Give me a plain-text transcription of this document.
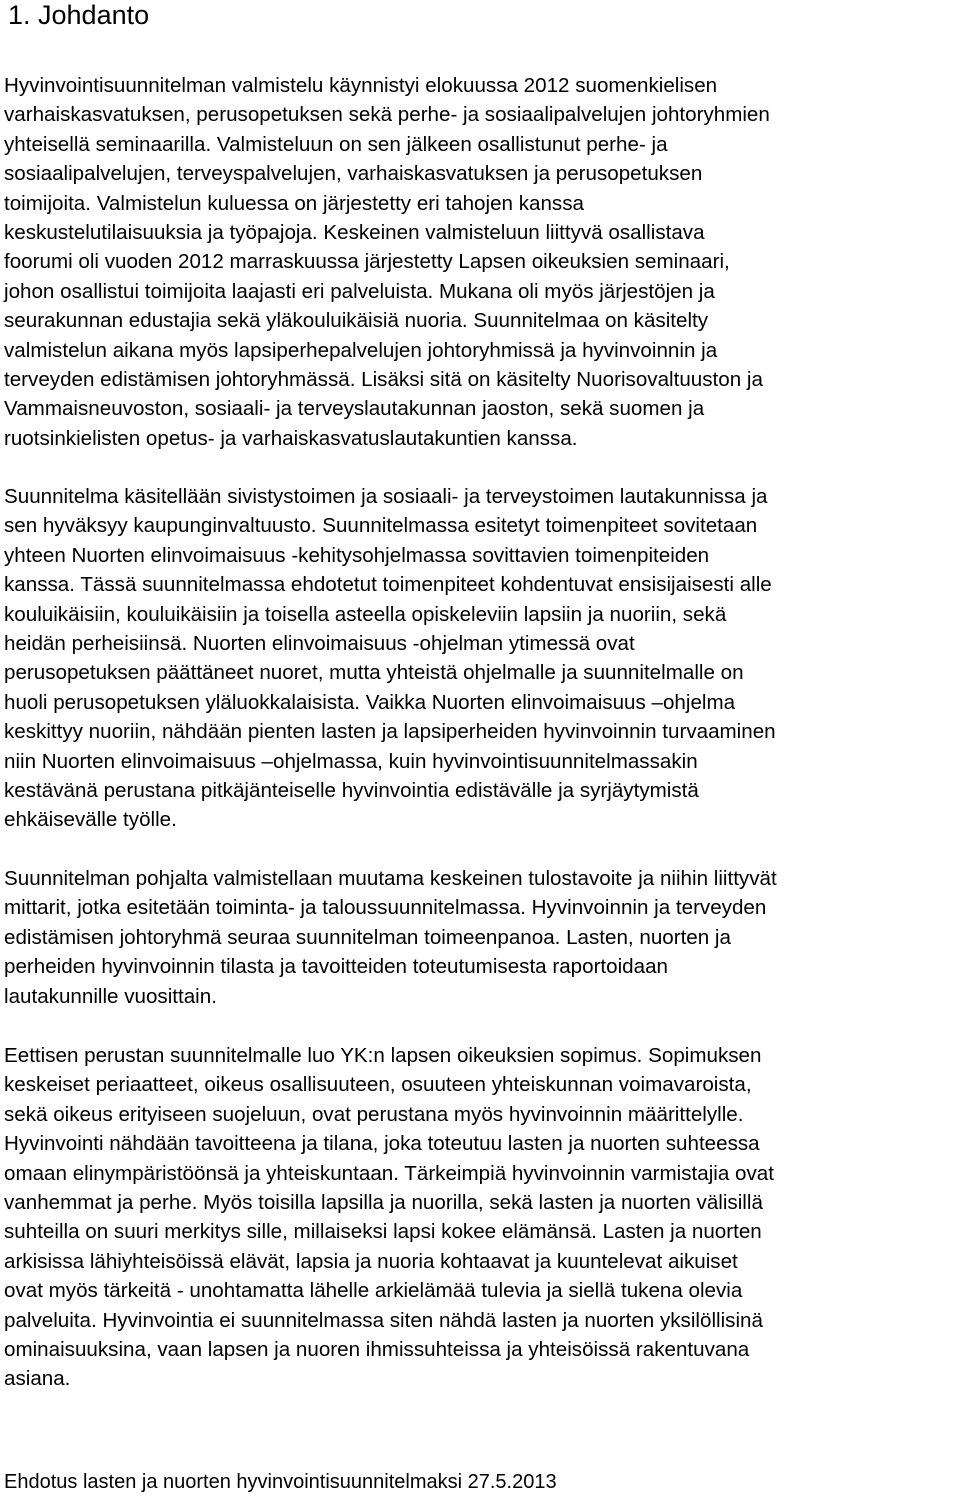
1. Johdanto

Hyvinvointisuunnitelman valmistelu käynnistyi elokuussa 2012 suomenkielisen
varhaiskasvatuksen, perusopetuksen sekä perhe- ja sosiaalipalvelujen johtoryhmien
yhteisellä seminaarilla. Valmisteluun on sen jälkeen osallistunut perhe- ja
sosiaalipalvelujen, terveyspalvelujen, varhaiskasvatuksen ja perusopetuksen
toimijoita. Valmistelun kuluessa on järjestetty eri tahojen kanssa
keskustelutilaisuuksia ja työpajoja. Keskeinen valmisteluun liittyvä osallistava
foorumi oli vuoden 2012 marraskuussa järjestetty Lapsen oikeuksien seminaari,
johon osallistui toimijoita laajasti eri palveluista. Mukana oli myös järjestöjen ja
seurakunnan edustajia sekä yläkouluikäisiä nuoria. Suunnitelmaa on käsitelty
valmistelun aikana myös lapsiperhepalvelujen johtoryhmissä ja hyvinvoinnin ja
terveyden edistämisen johtoryhmässä. Lisäksi sitä on käsitelty Nuorisovaltuuston ja
Vammaisneuvoston, sosiaali- ja terveyslautakunnan jaoston, sekä suomen ja
ruotsinkielisten opetus- ja varhaiskasvatuslautakuntien kanssa.

Suunnitelma käsitellään sivistystoimen ja sosiaali- ja terveystoimen lautakunnissa ja
sen hyväksyy kaupunginvaltuusto. Suunnitelmassa esitetyt toimenpiteet sovitetaan
yhteen Nuorten elinvoimaisuus -kehitysohjelmassa sovittavien toimenpiteiden
kanssa. Tässä suunnitelmassa ehdotetut toimenpiteet kohdentuvat ensisijaisesti alle
kouluikäisiin, kouluikäisiin ja toisella asteella opiskeleviin lapsiin ja nuoriin, sekä
heidän perheisiinsä. Nuorten elinvoimaisuus -ohjelman ytimessä ovat
perusopetuksen päättäneet nuoret, mutta yhteistä ohjelmalle ja suunnitelmalle on
huoli perusopetuksen yläluokkalaisista. Vaikka Nuorten elinvoimaisuus –ohjelma
keskittyy nuoriin, nähdään pienten lasten ja lapsiperheiden hyvinvoinnin turvaaminen
niin Nuorten elinvoimaisuus –ohjelmassa, kuin hyvinvointisuunnitelmassakin
kestävänä perustana pitkäjänteiselle hyvinvointia edistävälle ja syrjäytymistä
ehkäisevälle työlle.

Suunnitelman pohjalta valmistellaan muutama keskeinen tulostavoite ja niihin liittyvät
mittarit, jotka esitetään toiminta- ja taloussuunnitelmassa. Hyvinvoinnin ja terveyden
edistämisen johtoryhmä seuraa suunnitelman toimeenpanoa. Lasten, nuorten ja
perheiden hyvinvoinnin tilasta ja tavoitteiden toteutumisesta raportoidaan
lautakunnille vuosittain.

Eettisen perustan suunnitelmalle luo YK:n lapsen oikeuksien sopimus. Sopimuksen
keskeiset periaatteet, oikeus osallisuuteen, osuuteen yhteiskunnan voimavaroista,
sekä oikeus erityiseen suojeluun, ovat perustana myös hyvinvoinnin määrittelylle.
Hyvinvointi nähdään tavoitteena ja tilana, joka toteutuu lasten ja nuorten suhteessa
omaan elinympäristöönsä ja yhteiskuntaan. Tärkeimpiä hyvinvoinnin varmistajia ovat
vanhemmat ja perhe. Myös toisilla lapsilla ja nuorilla, sekä lasten ja nuorten välisillä
suhteilla on suuri merkitys sille, millaiseksi lapsi kokee elämänsä. Lasten ja nuorten
arkisissa lähiyhteisöissä elävät, lapsia ja nuoria kohtaavat ja kuuntelevat aikuiset
ovat myös tärkeitä - unohtamatta lähelle arkielämää tulevia ja siellä tukena olevia
palveluita. Hyvinvointia ei suunnitelmassa siten nähdä lasten ja nuorten yksilöllisinä
ominaisuuksina, vaan lapsen ja nuoren ihmissuhteissa ja yhteisöissä rakentuvana
asiana.

Ehdotus lasten ja nuorten hyvinvointisuunnitelmaksi 27.5.2013
